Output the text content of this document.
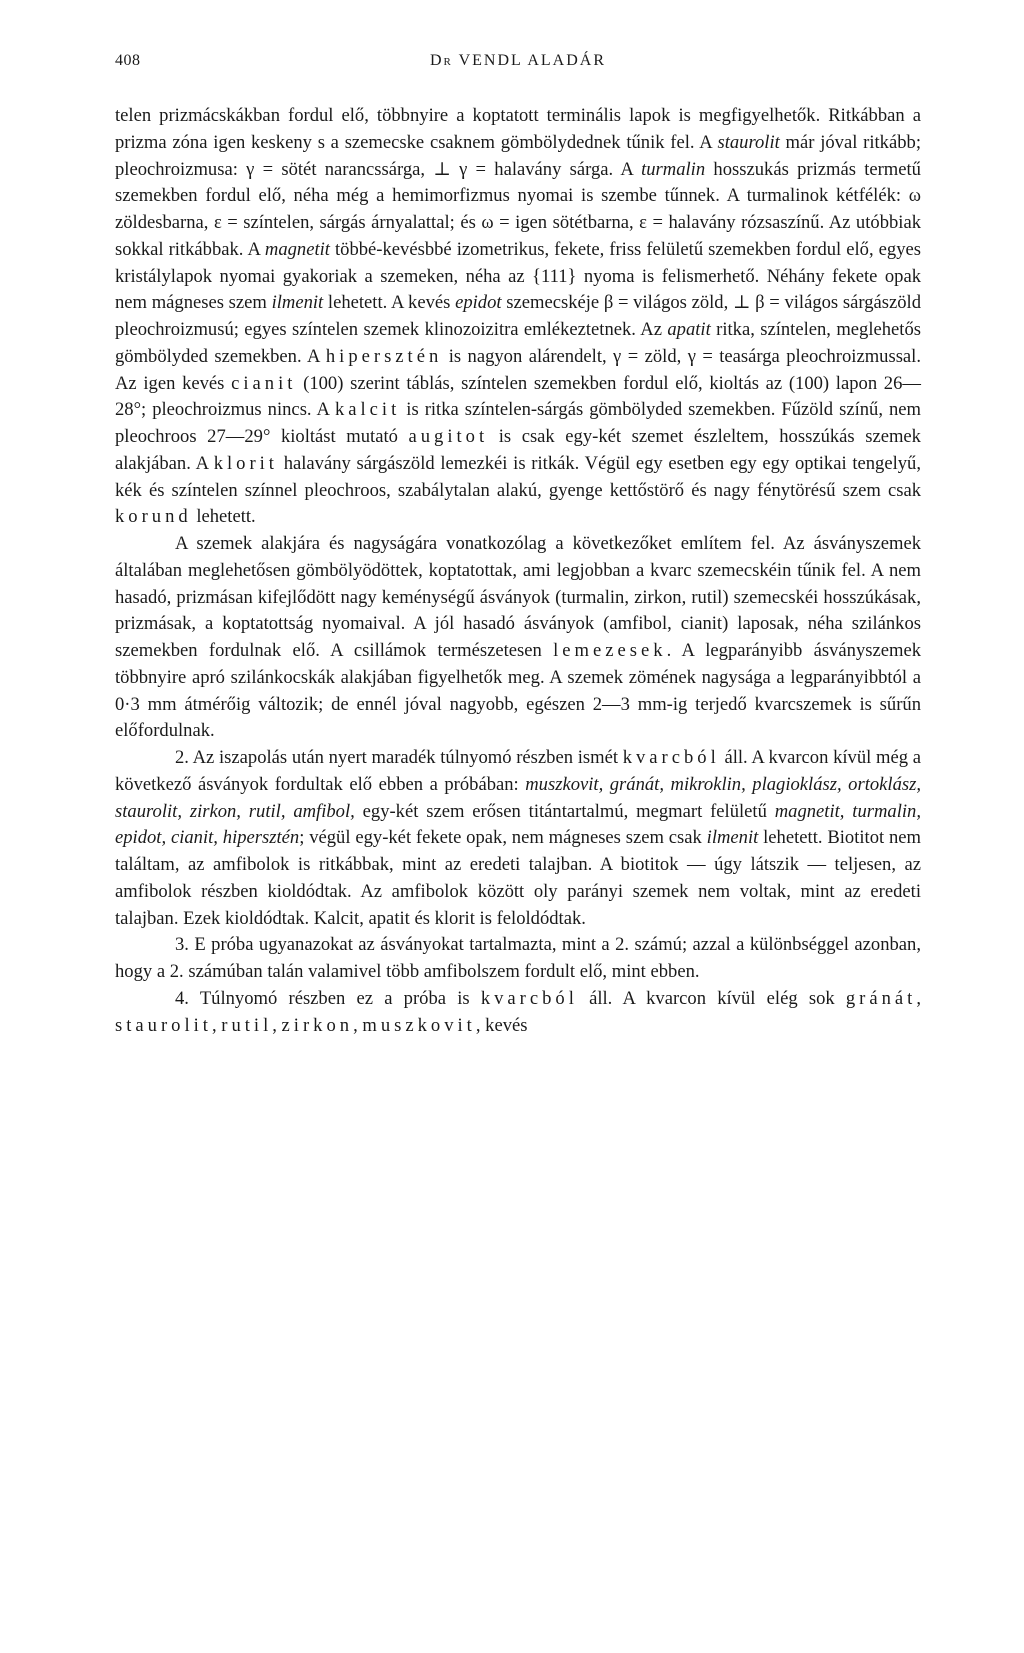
408	Dr VENDL ALADÁR

telen prizmácskákban fordul elő, többnyire a koptatott terminális lapok is megfigyelhetők. Ritkábban a prizma zóna igen keskeny s a szemecske csaknem gömbölydednek tűnik fel. A staurolit már jóval ritkább; pleochroizmusa: γ = sötét narancssárga, ⊥ γ = halavány sárga. A turmalin hosszukás prizmás termetű szemekben fordul elő, néha még a hemimorfizmus nyomai is szembe tűnnek. A turmalinok kétfélék: ω zöldesbarna, ε = színtelen, sárgás árnyalattal; és ω = igen sötétbarna, ε = halavány rózsaszínű. Az utóbbiak sokkal ritkábbak. A magnetit többé-kevésbbé izometrikus, fekete, friss felületű szemekben fordul elő, egyes kristálylapok nyomai gyakoriak a szemeken, néha az {111} nyoma is felismerhető. Néhány fekete opak nem mágneses szem ilmenit lehetett. A kevés epidot szemecskéje β = világos zöld, ⊥ β = világos sárgászöld pleochroizmusú; egyes színtelen szemek klinozoizitra emlékeztetnek. Az apatit ritka, színtelen, meglehetős gömbölyded szemekben. A hipersztén is nagyon alárendelt, γ = zöld, γ = teasárga pleochroizmussal. Az igen kevés cianit (100) szerint táblás, színtelen szemekben fordul elő, kioltás az (100) lapon 26—28°; pleochroizmus nincs. A kalcit is ritka színtelen-sárgás gömbölyded szemekben. Fűzöld színű, nem pleochroos 27—29° kioltást mutató augitot is csak egy-két szemet észleltem, hosszúkás szemek alakjában. A klorit halavány sárgászöld lemezkéi is ritkák. Végül egy esetben egy egy optikai tengelyű, kék és színtelen színnel pleochroos, szabálytalan alakú, gyenge kettőstörő és nagy fénytörésű szem csak korund lehetett.

A szemek alakjára és nagyságára vonatkozólag a következőket említem fel. Az ásványszemek általában meglehetősen gömbölyödöttek, koptatottak, ami legjobban a kvarc szemecskéin tűnik fel. A nem hasadó, prizmásan kifejlődött nagy keménységű ásványok (turmalin, zirkon, rutil) szemecskéi hosszúkásak, prizmásak, a koptatottság nyomaival. A jól hasadó ásványok (amfibol, cianit) laposak, néha szilánkos szemekben fordulnak elő. A csillámok természetesen lemezesek. A legparányibb ásványszemek többnyire apró szilánkocskák alakjában figyelhetők meg. A szemek zömének nagysága a legparányibbtól a 0·3 mm átmérőig változik; de ennél jóval nagyobb, egészen 2—3 mm-ig terjedő kvarcszemek is sűrűn előfordulnak.

2. Az iszapolás után nyert maradék túlnyomó részben ismét kvarcból áll. A kvarcon kívül még a következő ásványok fordultak elő ebben a próbában: muszkovit, gránát, mikroklin, plagioklász, ortoklász, staurolit, zirkon, rutil, amfibol, egy-két szem erősen titántartalmú, megmart felületű magnetit, turmalin, epidot, cianit, hipersztén; végül egy-két fekete opak, nem mágneses szem csak ilmenit lehetett. Biotitot nem találtam, az amfibolok is ritkábbak, mint az eredeti talajban. A biotitok — úgy látszik — teljesen, az amfibolok részben kioldódtak. Az amfibolok között oly parányi szemek nem voltak, mint az eredeti talajban. Ezek kioldódtak. Kalcit, apatit és klorit is feloldódtak.

3. E próba ugyanazokat az ásványokat tartalmazta, mint a 2. számú; azzal a különbséggel azonban, hogy a 2. számúban talán valamivel több amfibolszem fordult elő, mint ebben.

4. Túlnyomó részben ez a próba is kvarcból áll. A kvarcon kívül elég sok gránát, staurolit, rutil, zirkon, muszkovit, kevés
